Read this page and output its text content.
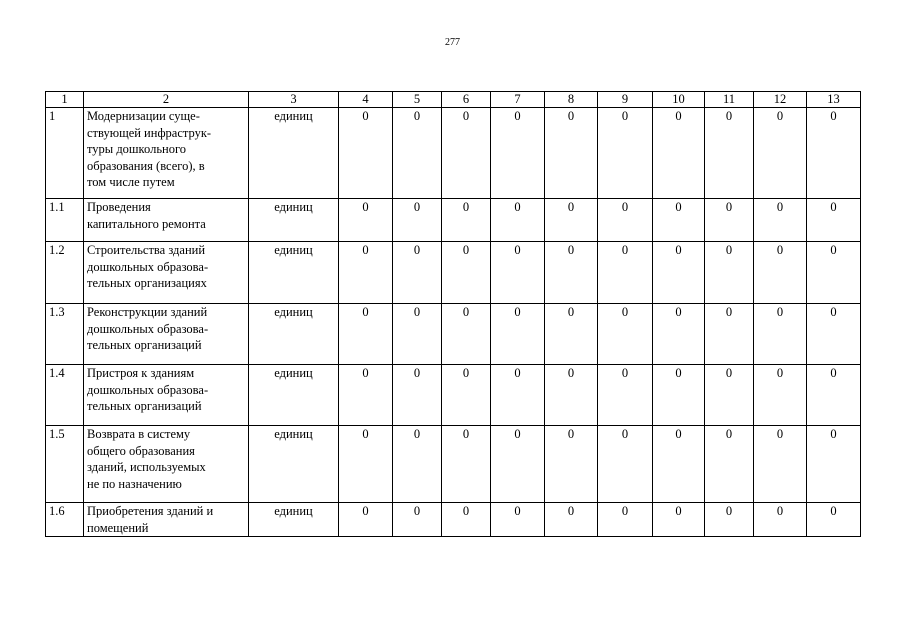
277
1	2	3	4	5	6	7	8	9	10	11	12	13
1	Модернизации суще-
ствующей инфраструк-
туры дошкольного
образования (всего), в
том числе путем	единиц	0	0	0	0	0	0	0	0	0	0
1.1	Проведения
капитального ремонта	единиц	0	0	0	0	0	0	0	0	0	0
1.2	Строительства зданий
дошкольных образова-
тельных организациях	единиц	0	0	0	0	0	0	0	0	0	0
1.3	Реконструкции зданий
дошкольных образова-
тельных организаций	единиц	0	0	0	0	0	0	0	0	0	0
1.4	Пристроя к зданиям
дошкольных образова-
тельных организаций	единиц	0	0	0	0	0	0	0	0	0	0
1.5	Возврата в систему
общего образования
зданий, используемых
не по назначению	единиц	0	0	0	0	0	0	0	0	0	0
1.6	Приобретения зданий и
помещений	единиц	0	0	0	0	0	0	0	0	0	0
